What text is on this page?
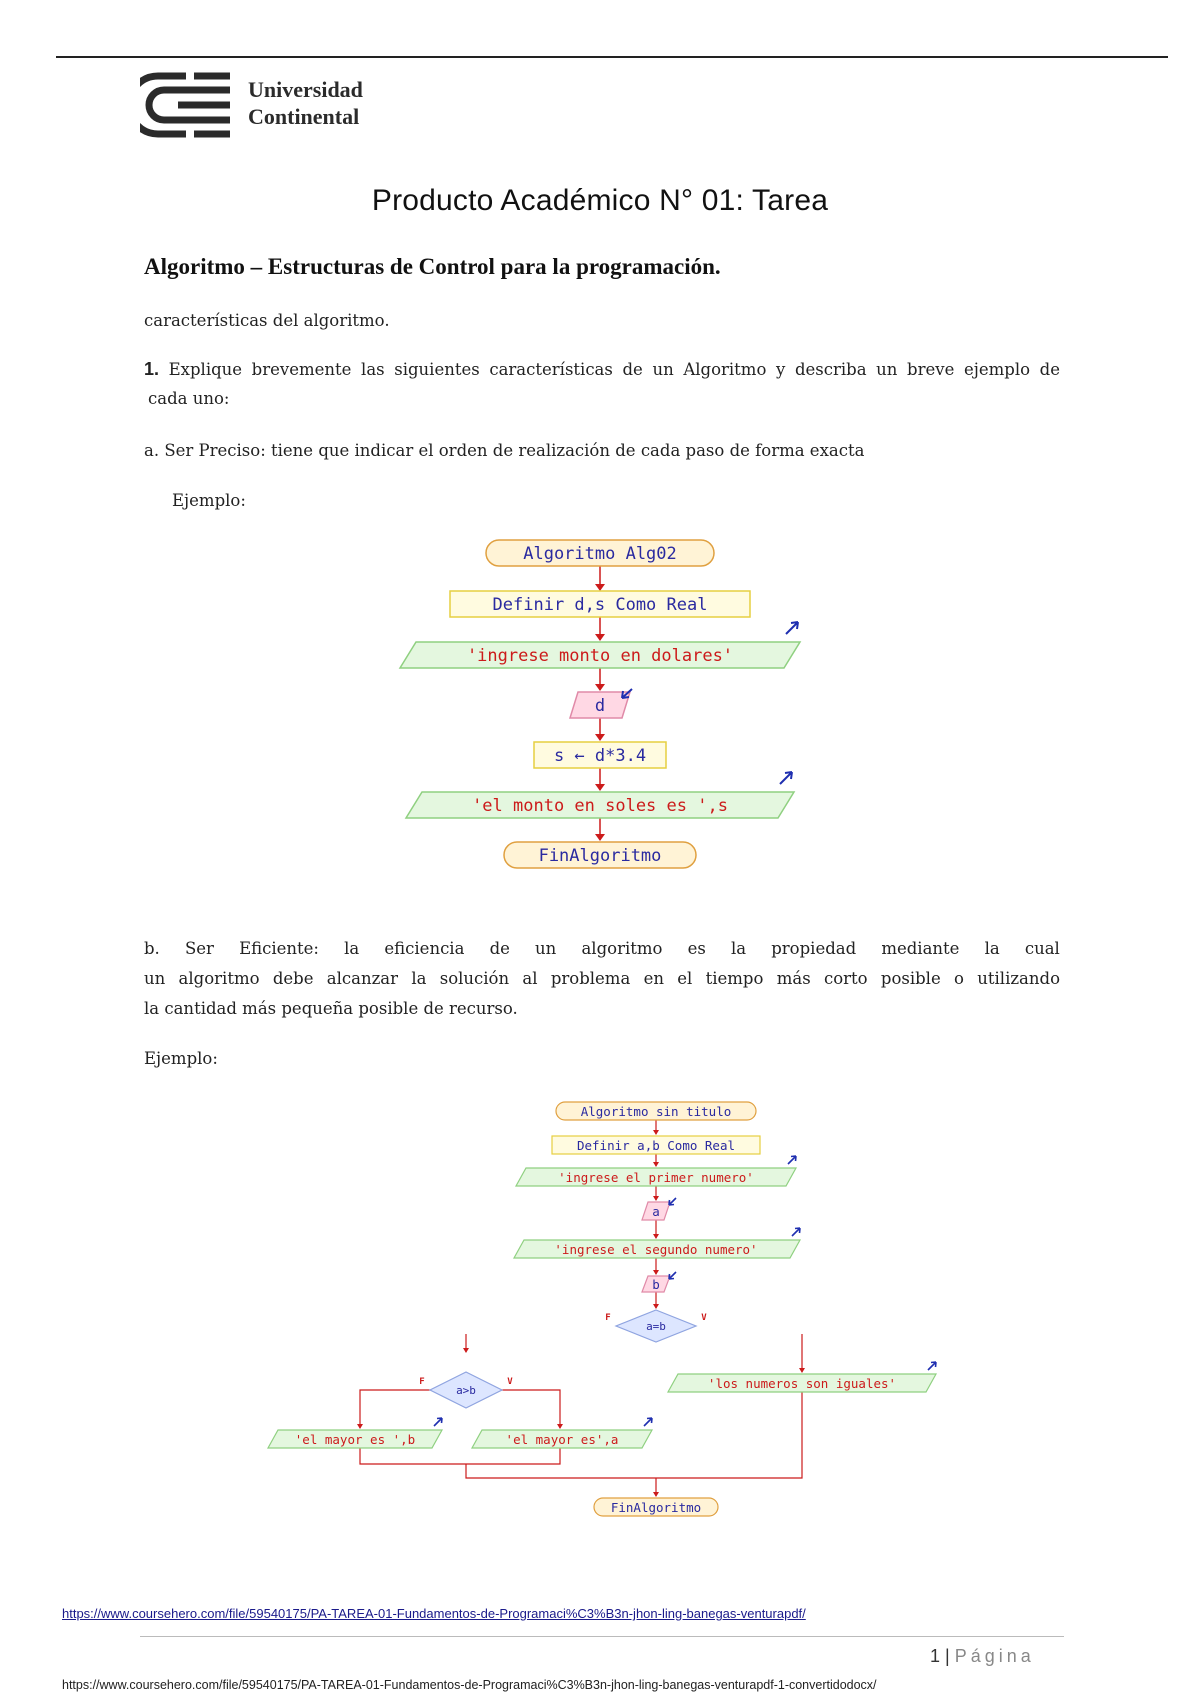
Universidad
Continental
Producto Académico N° 01: Tarea
Algoritmo – Estructuras de Control para la programación.
características del algoritmo.
1. Explique brevemente las siguientes características de un Algoritmo y describa un breve ejemplo de
cada uno:
a. Ser Preciso: tiene que indicar el orden de realización de cada paso de forma exacta
Ejemplo:
Algoritmo Alg02
Definir d,s Como Real
'ingrese monto en dolares'
d
s ← d*3.4
'el monto en soles es ',s
FinAlgoritmo
b. Ser Eficiente: la eficiencia de un algoritmo es la propiedad mediante la cual
un algoritmo debe alcanzar la solución al problema en el tiempo más corto posible o utilizando
la cantidad más pequeña posible de recurso.
Ejemplo:
Algoritmo sin titulo
Definir a,b Como Real
'ingrese el primer numero'
a
'ingrese el segundo numero'
b
a=b
F	V
a>b
F	V	'los numeros son iguales'
'el mayor es ',b	'el mayor es',a
FinAlgoritmo
https://www.coursehero.com/file/59540175/PA-TAREA-01-Fundamentos-de-Programaci%C3%B3n-jhon-ling-banegas-venturapdf/
1 | Página
https://www.coursehero.com/file/59540175/PA-TAREA-01-Fundamentos-de-Programaci%C3%B3n-jhon-ling-banegas-venturapdf-1-convertidodocx/
